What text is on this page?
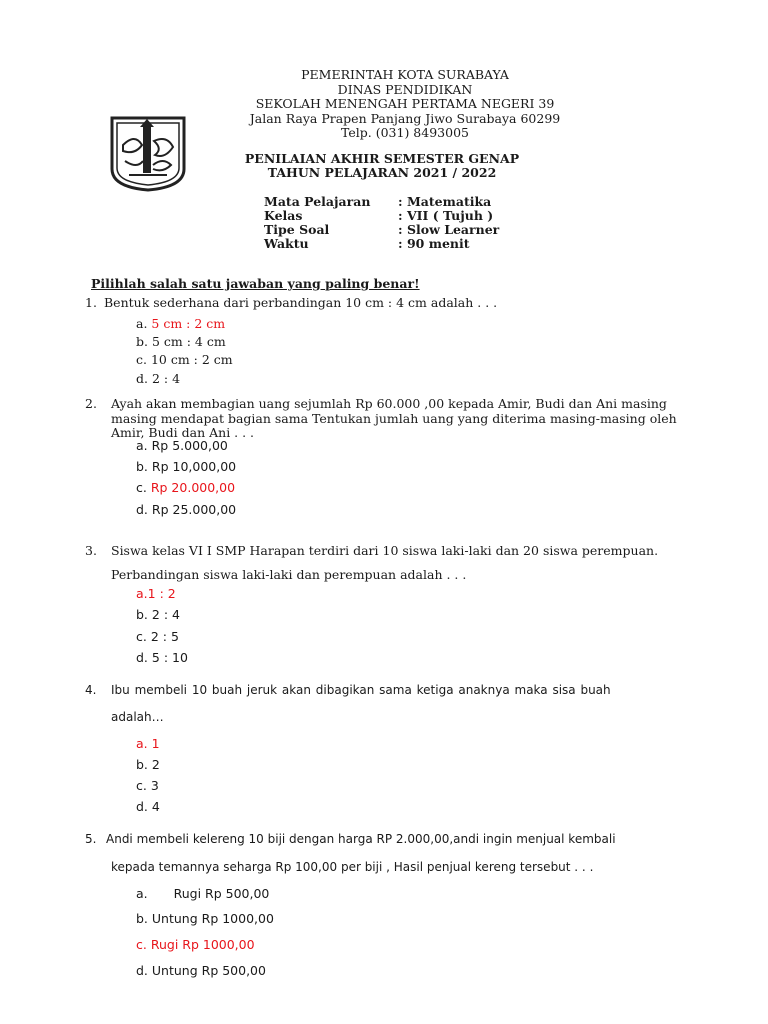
PEMERINTAH KOTA SURABAYA
DINAS PENDIDIKAN
SEKOLAH MENENGAH PERTAMA NEGERI 39
Jalan Raya Prapen Panjang Jiwo Surabaya 60299
Telp. (031) 8493005
PENILAIAN AKHIR SEMESTER GENAP
TAHUN PELAJARAN 2021 / 2022
Mata Pelajaran	: Matematika
Kelas	: VII ( Tujuh )
Tipe Soal	: Slow Learner
Waktu	: 90 menit
Pilihlah salah satu jawaban yang paling benar!
1. Bentuk sederhana dari perbandingan 10 cm : 4 cm adalah . . .
a. 5 cm : 2 cm
b. 5 cm : 4 cm
c. 10 cm : 2 cm
d. 2 : 4
2. Ayah akan membagian uang sejumlah Rp 60.000 ,00 kepada Amir, Budi dan Ani masing masing mendapat bagian sama Tentukan jumlah uang yang diterima masing-masing oleh Amir, Budi dan Ani . . .
a. Rp 5.000,00
b. Rp 10,000,00
c. Rp 20.000,00
d. Rp 25.000,00
3. Siswa kelas VI I SMP Harapan terdiri dari 10 siswa laki-laki dan 20 siswa perempuan.
Perbandingan siswa laki-laki dan perempuan adalah . . .
a.1 : 2
b. 2 : 4
c. 2 : 5
d. 5 : 10
4. Ibu membeli 10 buah jeruk akan dibagikan sama ketiga anaknya maka sisa buah
adalah…
a. 1
b. 2
c. 3
d. 4
5. Andi membeli kelereng 10 biji dengan harga RP 2.000,00,andi ingin menjual kembali
kepada temannya seharga Rp 100,00 per biji , Hasil penjual kereng tersebut . . .
a. Rugi Rp 500,00
b. Untung Rp 1000,00
c. Rugi Rp 1000,00
d. Untung Rp 500,00
